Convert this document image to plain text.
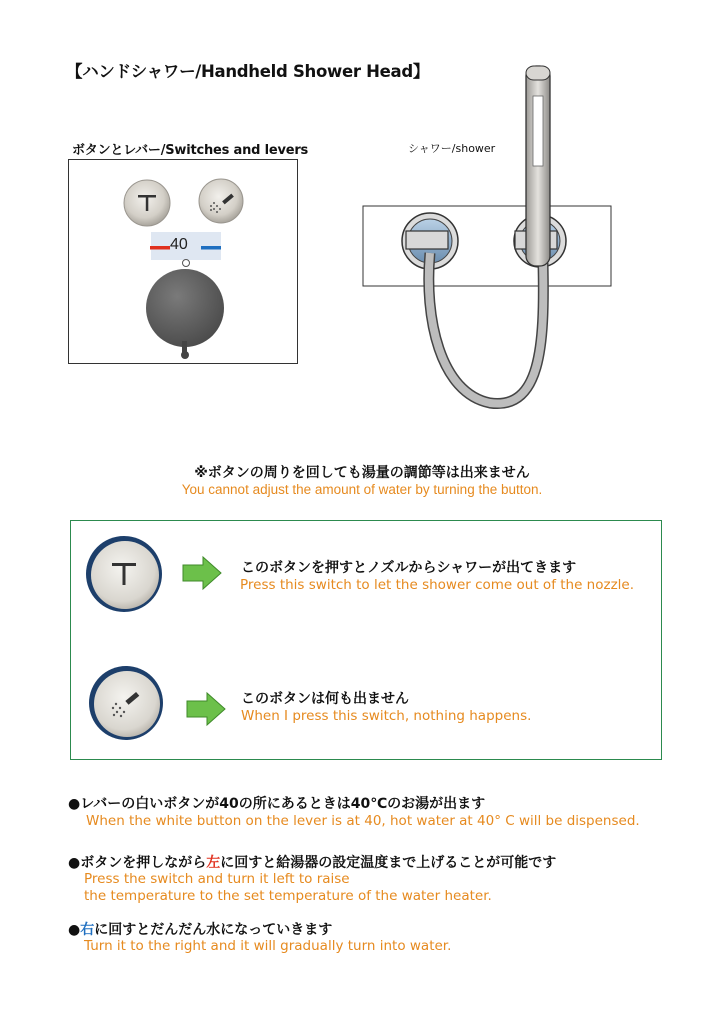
【ハンドシャワー/Handheld Shower Head】
ボタンとレバー/Switches and levers
40
シャワー/shower
※ボタンの周りを回しても湯量の調節等は出来ません
You cannot adjust the amount of water by turning the button.
このボタンを押すとノズルからシャワーが出てきます
Press this switch to let the shower come out of the nozzle.
このボタンは何も出ません
When I press this switch, nothing happens.
●レバーの白いボタンが40の所にあるときは40℃のお湯が出ます
When the white button on the lever is at 40, hot water at 40° C will be dispensed.
●ボタンを押しながら左に回すと給湯器の設定温度まで上げることが可能です
Press the switch and turn it left to raise
the temperature to the set temperature of the water heater.
●右に回すとだんだん水になっていきます
Turn it to the right and it will gradually turn into water.
